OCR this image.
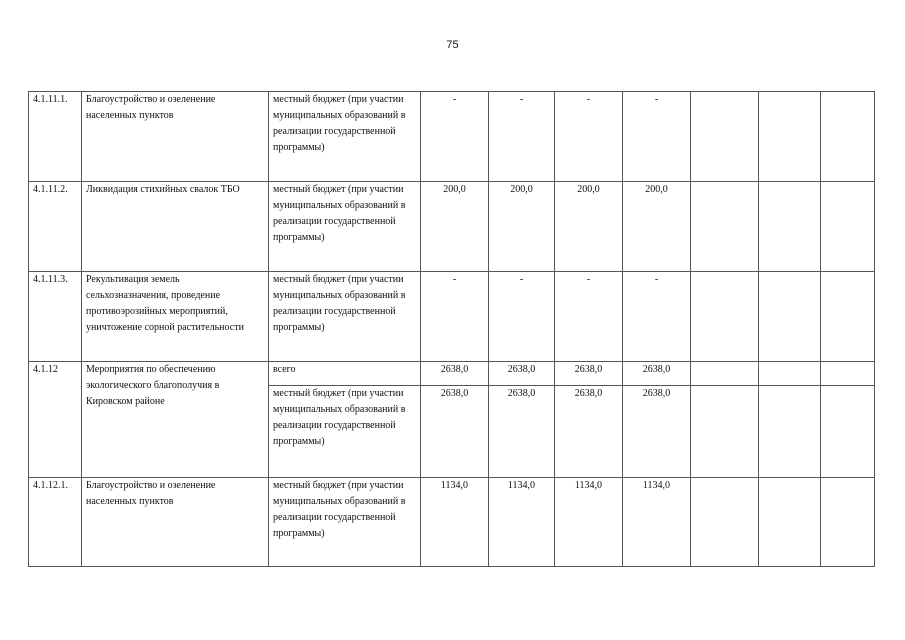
75
4.1.11.1.	Благоустройство и озеленение населенных пунктов	местный бюджет (при участии муниципальных образований в реализации государственной программы)	-	-	-	-			
4.1.11.2.	Ликвидация стихийных свалок ТБО	местный бюджет (при участии муниципальных образований в реализации государственной программы)	200,0	200,0	200,0	200,0			
4.1.11.3.	Рекультивация земель сельхозназначения, проведение противоэрозийных мероприятий, уничтожение сорной растительности	местный бюджет (при участии муниципальных образований в реализации государственной программы)	-	-	-	-			
4.1.12	Мероприятия по обеспечению экологического благополучия в Кировском районе	всего	2638,0	2638,0	2638,0	2638,0			
		местный бюджет (при участии муниципальных образований в реализации государственной программы)	2638,0	2638,0	2638,0	2638,0			
4.1.12.1.	Благоустройство и озеленение населенных пунктов	местный бюджет (при участии муниципальных образований в реализации государственной программы)	1134,0	1134,0	1134,0	1134,0			
